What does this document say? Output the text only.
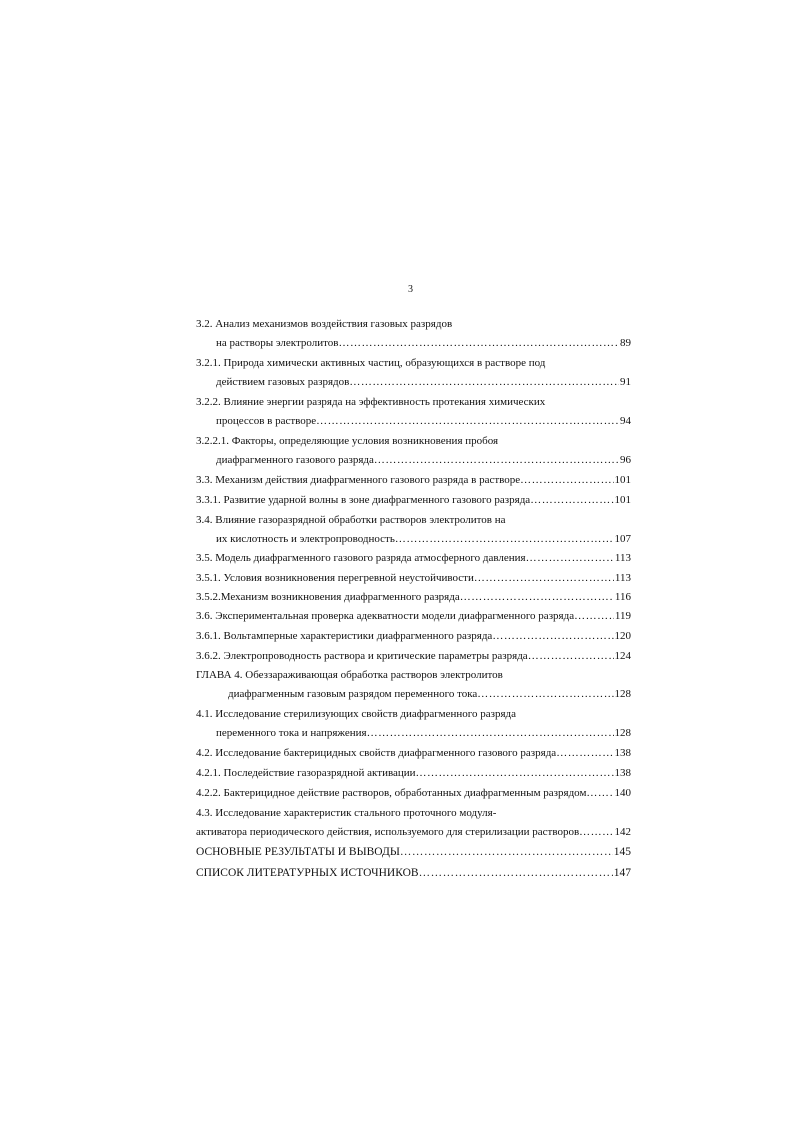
3
3.2. Анализ механизмов воздействия газовых разрядов
на растворы электролитов ……………………………………………………………………………………………………………………………………………………………………………………	89
3.2.1. Природа химически активных частиц, образующихся в растворе под
действием газовых разрядов ……………………………………………………………………………………………………………………………………………………………………………………	91
3.2.2. Влияние энергии разряда на эффективность протекания химических
процессов в растворе ……………………………………………………………………………………………………………………………………………………………………………………	94
3.2.2.1. Факторы, определяющие условия возникновения пробоя
диафрагменного газового разряда ……………………………………………………………………………………………………………………………………………………………………………………	96
3.3. Механизм действия диафрагменного газового разряда в растворе ……………………………………………………………………………………………………………………………………………………………………………………	101
3.3.1. Развитие ударной волны в зоне диафрагменного газового разряда ……………………………………………………………………………………………………………………………………………………………………………………	101
3.4. Влияние газоразрядной обработки растворов электролитов на
их кислотность и электропроводность ……………………………………………………………………………………………………………………………………………………………………………………	107
3.5. Модель диафрагменного газового разряда атмосферного давления ……………………………………………………………………………………………………………………………………………………………………………………	113
3.5.1. Условия возникновения перегревной неустойчивости ……………………………………………………………………………………………………………………………………………………………………………………	113
3.5.2.Механизм возникновения диафрагменного разряда ……………………………………………………………………………………………………………………………………………………………………………………	116
3.6. Экспериментальная проверка адекватности модели диафрагменного разряда ……………………………………………………………………………………………………………………………………………………………………………………	119
3.6.1. Вольтамперные характеристики диафрагменного разряда ……………………………………………………………………………………………………………………………………………………………………………………	120
3.6.2. Электропроводность раствора и критические параметры разряда ……………………………………………………………………………………………………………………………………………………………………………………	124
ГЛАВА 4. Обеззараживающая обработка растворов электролитов
диафрагменным газовым разрядом переменного тока ……………………………………………………………………………………………………………………………………………………………………………………	128
4.1. Исследование стерилизующих свойств диафрагменного разряда
переменного тока и напряжения ……………………………………………………………………………………………………………………………………………………………………………………	128
4.2. Исследование бактерицидных свойств диафрагменного газового разряда ……………………………………………………………………………………………………………………………………………………………………………………	138
4.2.1. Последействие газоразрядной активации ……………………………………………………………………………………………………………………………………………………………………………………	138
4.2.2. Бактерицидное действие растворов, обработанных диафрагменным разрядом ……………………………………………………………………………………………………………………………………………………………………………………	140
4.3. Исследование характеристик стального проточного модуля-
активатора периодического действия, используемого для стерилизации растворов ……………………………………………………………………………………………………………………………………………………………………………………	142
ОСНОВНЫЕ РЕЗУЛЬТАТЫ И ВЫВОДЫ ……………………………………………………………………………………………………………………………………………………………………………………	145
СПИСОК ЛИТЕРАТУРНЫХ ИСТОЧНИКОВ ……………………………………………………………………………………………………………………………………………………………………………………	147
